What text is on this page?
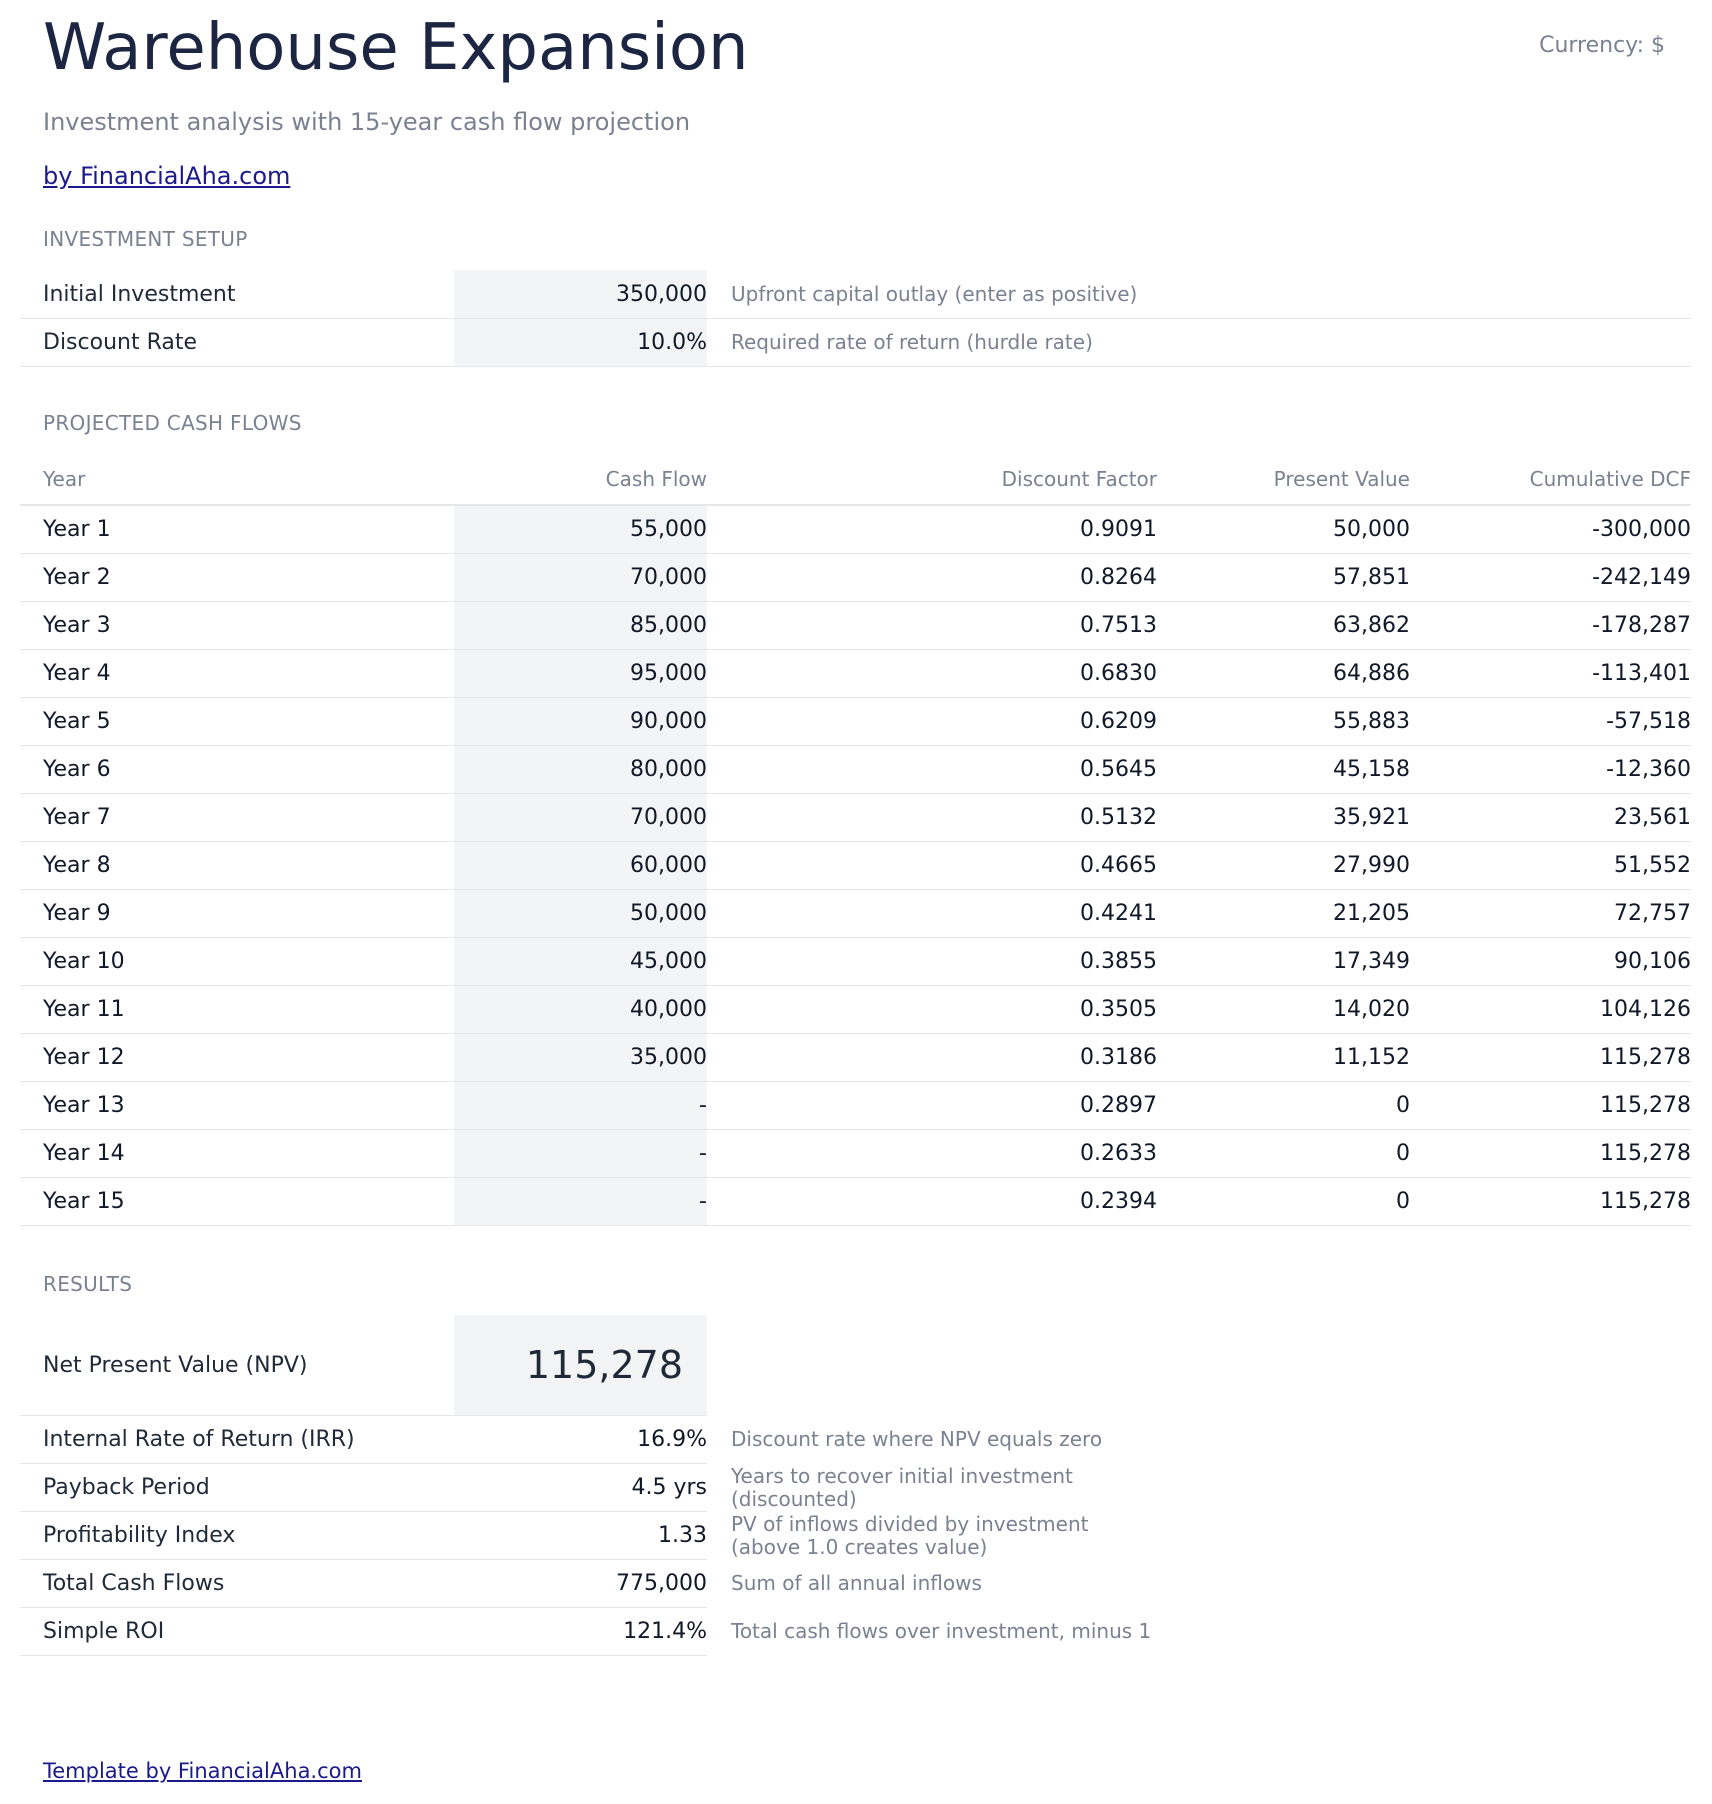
Warehouse Expansion	Currency: $
Investment analysis with 15-year cash flow projection
by FinancialAha.com
INVESTMENT SETUP
Initial Investment	350,000 Upfront capital outlay (enter as positive)
Discount Rate	10.0% Required rate of return (hurdle rate)
PROJECTED CASH FLOWS
Year	Cash Flow	Discount Factor	Present Value	Cumulative DCF
Year 1	55,000	0.9091	50,000	-300,000
Year 2	70,000	0.8264	57,851	-242,149
Year 3	85,000	0.7513	63,862	-178,287
Year 4	95,000	0.6830	64,886	-113,401
Year 5	90,000	0.6209	55,883	-57,518
Year 6	80,000	0.5645	45,158	-12,360
Year 7	70,000	0.5132	35,921	23,561
Year 8	60,000	0.4665	27,990	51,552
Year 9	50,000	0.4241	21,205	72,757
Year 10	45,000	0.3855	17,349	90,106
Year 11	40,000	0.3505	14,020	104,126
Year 12	35,000	0.3186	11,152	115,278
Year 13	-	0.2897	0	115,278
Year 14	-	0.2633	0	115,278
Year 15	-	0.2394	0	115,278
RESULTS
Net Present Value (NPV)	115,278
Internal Rate of Return (IRR)	16.9% Discount rate where NPV equals zero
Payback Period	4.5 yrs Years to recover initial investment (discounted)
Profitability Index	1.33 PV of inflows divided by investment (above 1.0 creates value)
Total Cash Flows	775,000 Sum of all annual inflows
Simple ROI	121.4% Total cash flows over investment, minus 1
Template by FinancialAha.com
